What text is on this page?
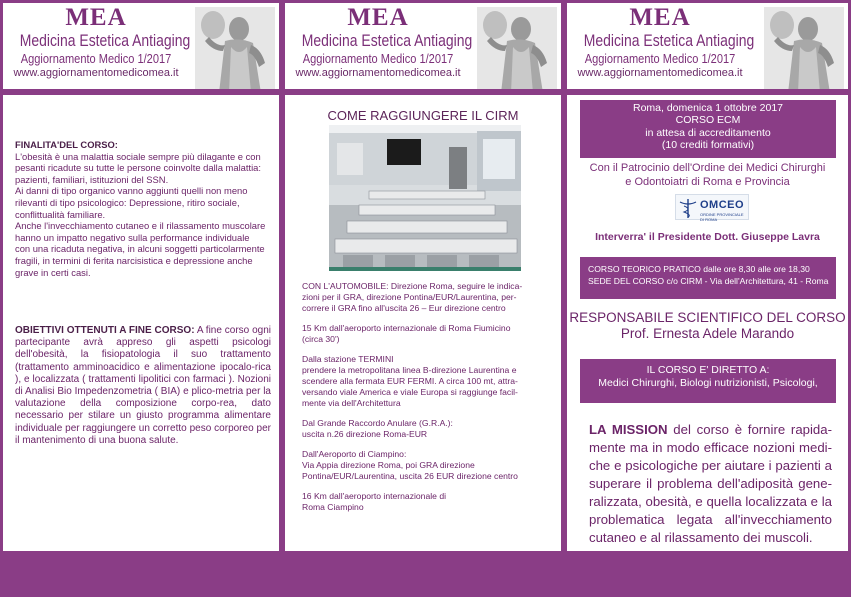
MEA
Medicina Estetica Antiaging
Aggiornamento Medico 1/2017
www.aggiornamentomedicomea.it
FINALITA'DEL CORSO:
L'obesità è una malattia sociale sempre più dilagante e con
pesanti ricadute su tutte le persone coinvolte dalla malattia:
pazienti, familiari, istituzioni del SSN.
Ai danni di tipo organico vanno aggiunti quelli non meno
rilevanti di tipo psicologico: Depressione, ritiro sociale,
conflittualità familiare.
Anche l'invecchiamento cutaneo e il rilassamento muscolare
hanno un impatto negativo sulla performance individuale
con una ricaduta negativa, in alcuni soggetti particolarmente
fragili, in termini di ferita narcisistica e depressione anche
grave in certi casi.
OBIETTIVI OTTENUTI A FINE CORSO: A fine corso ogni partecipante avrà appreso gli aspetti psicologi dell'obesità, la fisiopatologia il suo trattamento (trattamento amminoacidico e alimentazione ipocalo-rica ), e localizzata ( trattamenti lipolitici con farmaci ). Nozioni di Analisi Bio Impedenzometria ( BIA) e plico-metria per la valutazione della composizione corpo-rea, dato necessario per stilare un giusto programma alimentare individuale per raggiungere un corretto peso corporeo per il mantenimento di una buona salute.
MEA
Medicina Estetica Antiaging
Aggiornamento Medico 1/2017
www.aggiornamentomedicomea.it
COME RAGGIUNGERE IL CIRM

CON L'AUTOMOBILE: Direzione Roma, seguire le indica-
zioni per il GRA, direzione Pontina/EUR/Laurentina, per-
correre il GRA fino all'uscita 26 – Eur direzione centro

15 Km dall'aeroporto internazionale di Roma Fiumicino
(circa 30')

Dalla stazione TERMINI
prendere la metropolitana linea B-direzione Laurentina e
scendere alla fermata EUR FERMI. A circa 100 mt, attra-
versando viale America e viale Europa si raggiunge facil-
mente via dell'Architettura

Dal Grande Raccordo Anulare (G.R.A.):
uscita n.26 direzione Roma-EUR

Dall'Aeroporto di Ciampino:
Via Appia direzione Roma, poi GRA direzione
Pontina/EUR/Laurentina, uscita 26 EUR direzione centro

16 Km dall'aeroporto internazionale di
Roma Ciampino

MEA
Medicina Estetica Antiaging
Aggiornamento Medico 1/2017
www.aggiornamentomedicomea.it
Roma, domenica 1 ottobre 2017
CORSO ECM
in attesa di accreditamento
(10 crediti formativi)
Con il Patrocinio dell'Ordine dei Medici Chirurghi
e Odontoiatri di Roma e Provincia
OMCEO
ORDINE PROVINCIALE DI ROMA
Interverra' il Presidente Dott. Giuseppe Lavra
CORSO TEORICO PRATICO dalle ore 8,30 alle ore 18,30
SEDE DEL CORSO c/o CIRM - Via dell'Architettura, 41 - Roma
RESPONSABILE SCIENTIFICO DEL CORSO
Prof. Ernesta Adele Marando
IL CORSO E' DIRETTO A:
Medici Chirurghi, Biologi nutrizionisti, Psicologi,
LA MISSION del corso è fornire rapida-mente ma in modo efficace nozioni medi-che e psicologiche per aiutare i pazienti a superare il problema dell'adiposità gene-ralizzata, obesità, e quella localizzata e la problematica legata all'invecchiamento cutaneo e al rilassamento dei muscoli.
